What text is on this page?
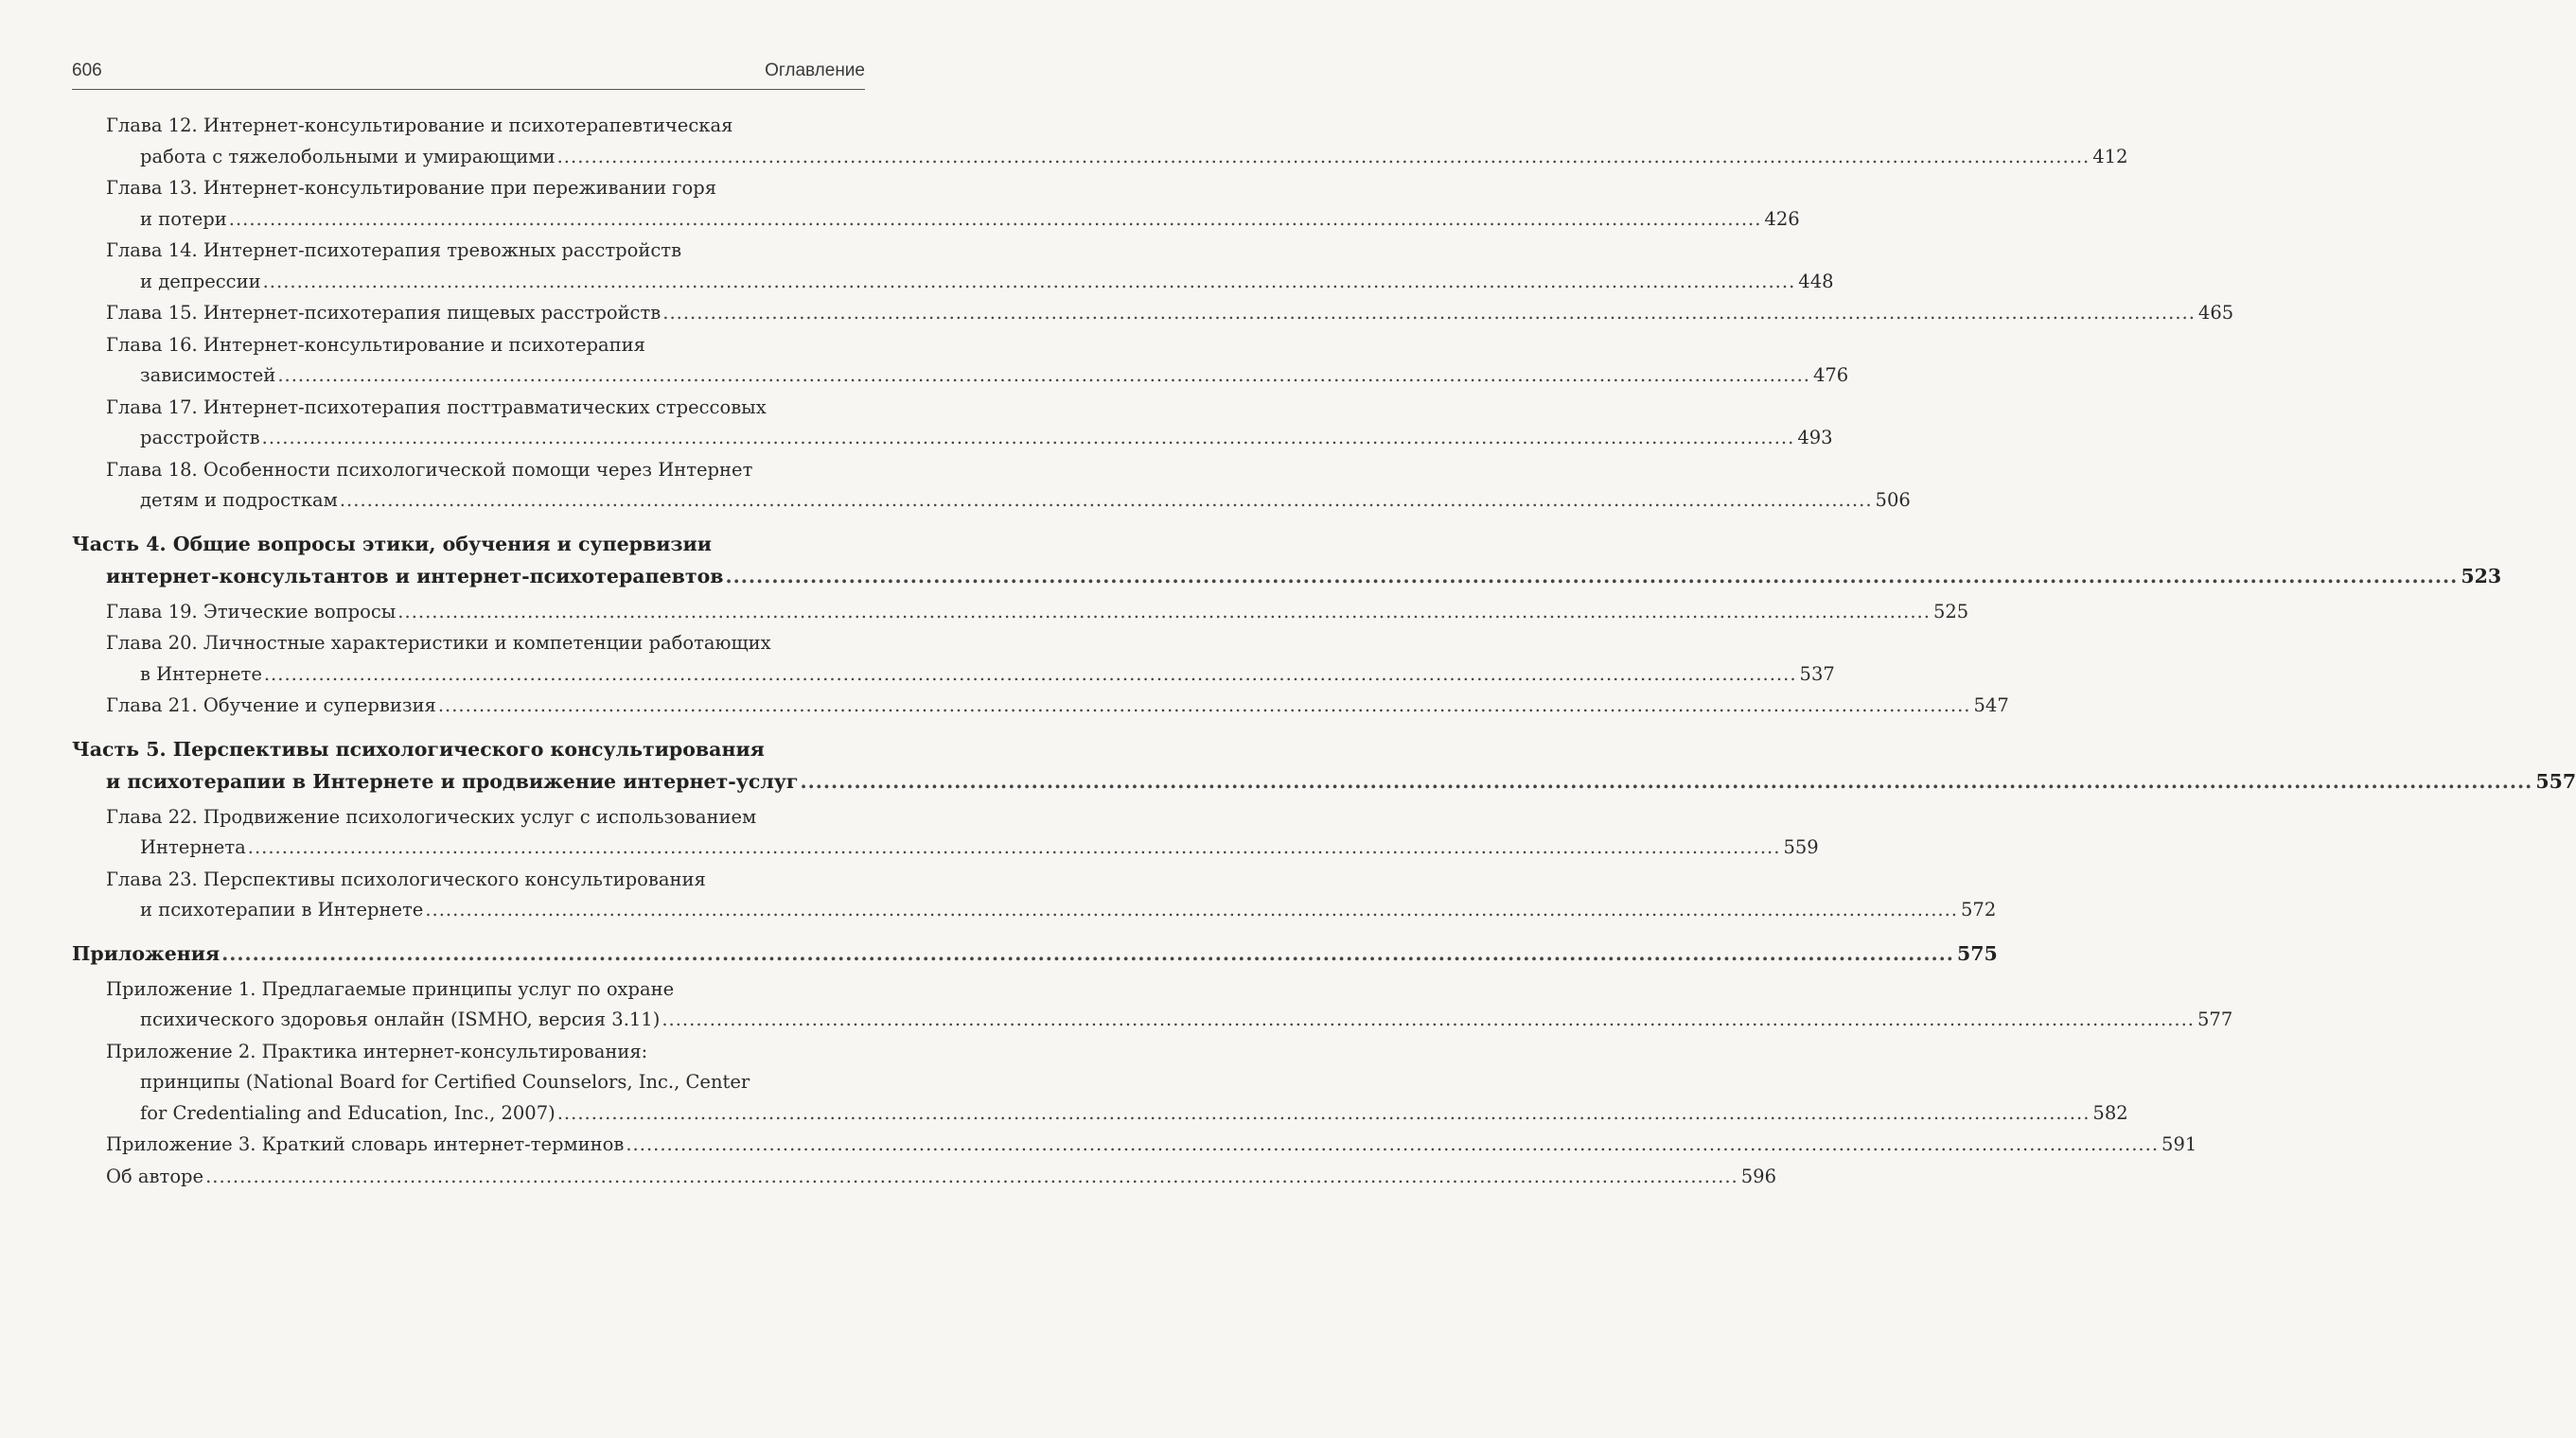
606	Оглавление
Глава 12. Интернет-консультирование и психотерапевтическая
работа с тяжелобольными и умирающими .....	412
Глава 13. Интернет-консультирование при переживании горя
и потери .....	426
Глава 14. Интернет-психотерапия тревожных расстройств
и депрессии .....	448
Глава 15. Интернет-психотерапия пищевых расстройств .....	465
Глава 16. Интернет-консультирование и психотерапия
зависимостей .....	476
Глава 17. Интернет-психотерапия посттравматических стрессовых
расстройств .....	493
Глава 18. Особенности психологической помощи через Интернет
детям и подросткам .....	506
Часть 4. Общие вопросы этики, обучения и супервизии
интернет-консультантов и интернет-психотерапевтов .....	523
Глава 19. Этические вопросы .....	525
Глава 20. Личностные характеристики и компетенции работающих
в Интернете .....	537
Глава 21. Обучение и супервизия .....	547
Часть 5. Перспективы психологического консультирования
и психотерапии в Интернете и продвижение интернет-услуг .....	557
Глава 22. Продвижение психологических услуг с использованием
Интернета .....	559
Глава 23. Перспективы психологического консультирования
и психотерапии в Интернете .....	572
Приложения .....	575
Приложение 1. Предлагаемые принципы услуг по охране
психического здоровья онлайн (ISMHO, версия 3.11) .....	577
Приложение 2. Практика интернет-консультирования:
принципы (National Board for Certified Counselors, Inc., Center
for Credentialing and Education, Inc., 2007) .....	582
Приложение 3. Краткий словарь интернет-терминов .....	591
Об авторе .....	596
